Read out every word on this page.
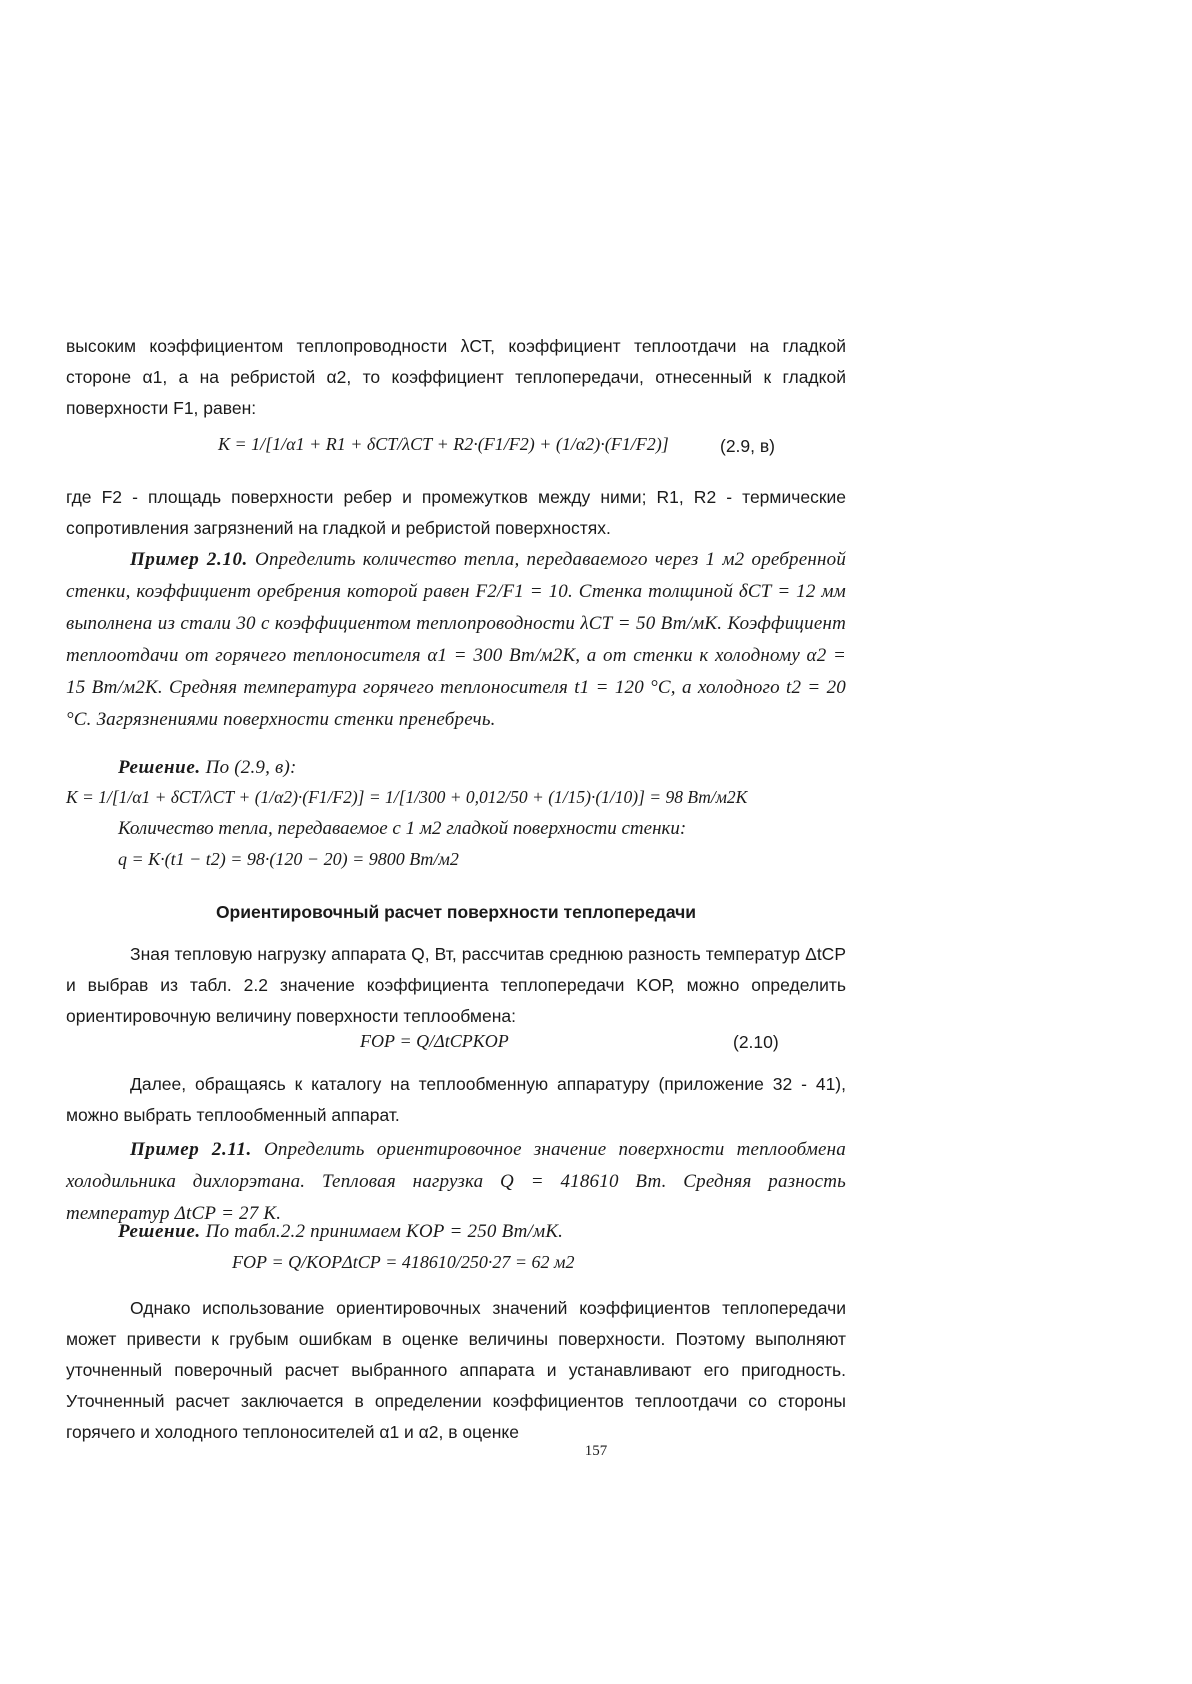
высоким коэффициентом теплопроводности λСТ, коэффициент теплоотдачи на гладкой стороне α1, а на ребристой α2, то коэффициент теплопередачи, отнесенный к гладкой поверхности F1, равен:
K = 1/[1/α1 + R1 + δСТ/λСТ + R2·(F1/F2) + (1/α2)·(F1/F2)]	(2.9, в)
где F2 - площадь поверхности ребер и промежутков между ними; R1, R2 - термические сопротивления загрязнений на гладкой и ребристой поверхностях.
Пример 2.10. Определить количество тепла, передаваемого через 1 м2 оребренной стенки, коэффициент оребрения которой равен F2/F1 = 10. Стенка толщиной δСТ = 12 мм выполнена из стали 30 с коэффициентом теплопроводности λСТ = 50 Вт/мК. Коэффициент теплоотдачи от горячего теплоносителя α1 = 300 Вт/м2К, а от стенки к холодному α2 = 15 Вт/м2К. Средняя температура горячего теплоносителя t1 = 120 °С, а холодного t2 = 20 °С. Загрязнениями поверхности стенки пренебречь.
Решение. По (2.9, в):
K = 1/[1/α1 + δСТ/λСТ + (1/α2)·(F1/F2)] = 1/[1/300 + 0,012/50 + (1/15)·(1/10)] = 98 Вт/м2К
Количество тепла, передаваемое с 1 м2 гладкой поверхности стенки:
q = K·(t1 − t2) = 98·(120 − 20) = 9800 Вт/м2
Ориентировочный расчет поверхности теплопередачи
Зная тепловую нагрузку аппарата Q, Вт, рассчитав среднюю разность температур ΔtСР и выбрав из табл. 2.2 значение коэффициента теплопередачи KОР, можно определить ориентировочную величину поверхности теплообмена:
FОР = Q/ΔtСРKОР	(2.10)
Далее, обращаясь к каталогу на теплообменную аппаратуру (приложение 32 - 41), можно выбрать теплообменный аппарат.
Пример 2.11. Определить ориентировочное значение поверхности теплообмена холодильника дихлорэтана. Тепловая нагрузка Q = 418610 Вт. Средняя разность температур ΔtСР = 27 К.
Решение. По табл.2.2 принимаем KОР = 250 Вт/мК.
FОР = Q/KОРΔtСР = 418610/250·27 = 62 м2
Однако использование ориентировочных значений коэффициентов теплопередачи может привести к грубым ошибкам в оценке величины поверхности. Поэтому выполняют уточненный поверочный расчет выбранного аппарата и устанавливают его пригодность. Уточненный расчет заключается в определении коэффициентов теплоотдачи со стороны горячего и холодного теплоносителей α1 и α2, в оценке
157
